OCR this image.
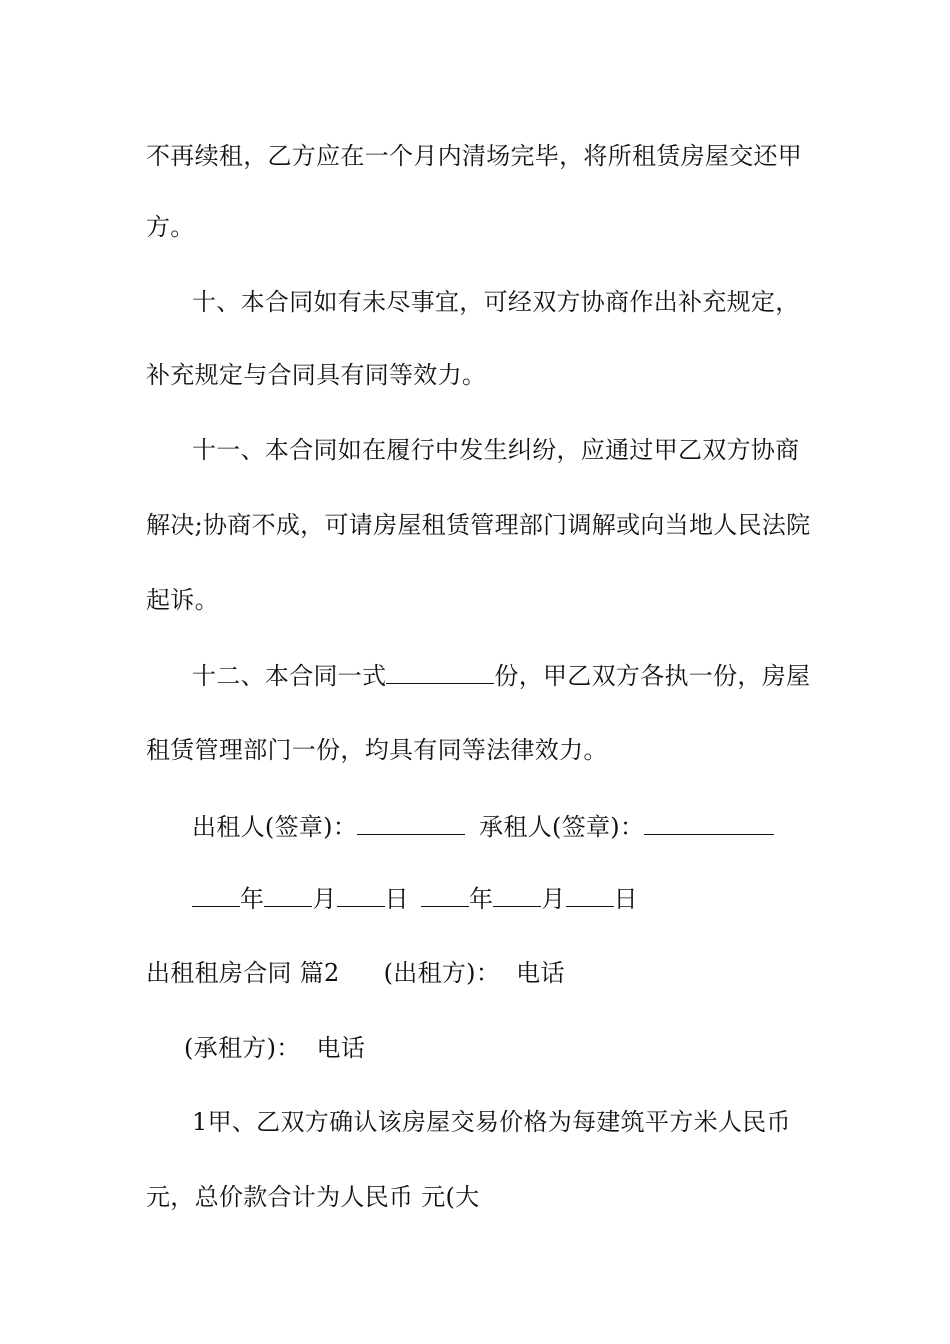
不再续租，乙方应在一个月内清场完毕，将所租赁房屋交还甲
方。
十、本合同如有未尽事宜，可经双方协商作出补充规定，
补充规定与合同具有同等效力。
十一、本合同如在履行中发生纠纷，应通过甲乙双方协商
解决;协商不成，可请房屋租赁管理部门调解或向当地人民法院
起诉。
十二、本合同一式	份，甲乙双方各执一份，房屋
租赁管理部门一份，均具有同等法律效力。
出租人(签章)：	承租人(签章)：
年 月 日	年 月 日
出租租房合同 篇2 (出租方)： 电话
(承租方)： 电话
1甲、乙双方确认该房屋交易价格为每建筑平方米人民币
元，总价款合计为人民币 元(大
